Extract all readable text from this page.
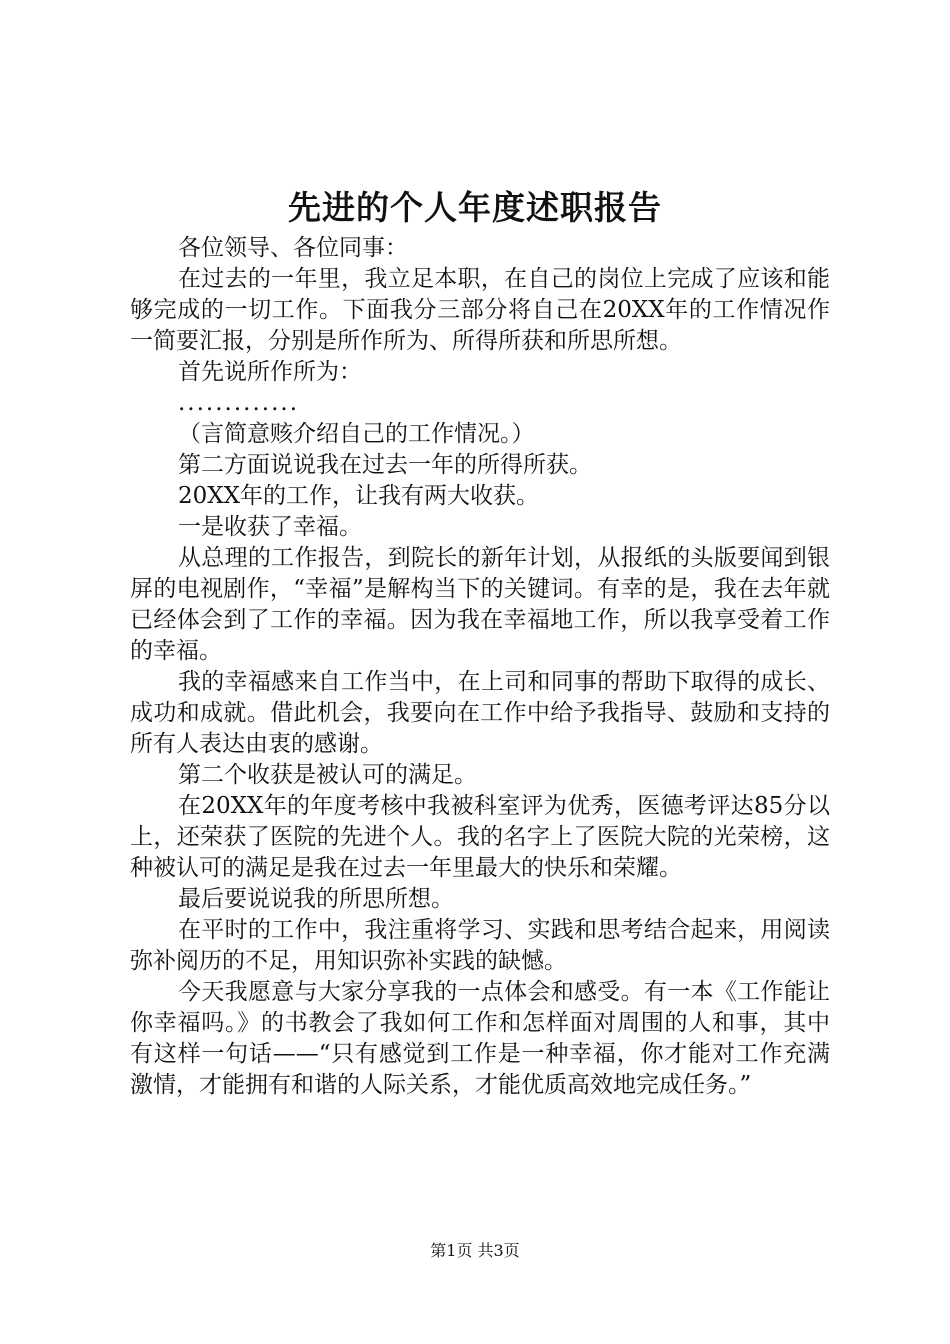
先进的个人年度述职报告

各位领导、各位同事：

在过去的一年里，我立足本职，在自己的岗位上完成了应该和能够完成的一切工作。下面我分三部分将自己在20XX年的工作情况作一简要汇报，分别是所作所为、所得所获和所思所想。

首先说所作所为：

.............

（言简意赅介绍自己的工作情况。）

第二方面说说我在过去一年的所得所获。

20XX年的工作，让我有两大收获。

一是收获了幸福。

从总理的工作报告，到院长的新年计划，从报纸的头版要闻到银屏的电视剧作，“幸福”是解构当下的关键词。有幸的是，我在去年就已经体会到了工作的幸福。因为我在幸福地工作，所以我享受着工作的幸福。

我的幸福感来自工作当中，在上司和同事的帮助下取得的成长、成功和成就。借此机会，我要向在工作中给予我指导、鼓励和支持的所有人表达由衷的感谢。

第二个收获是被认可的满足。

在20XX年的年度考核中我被科室评为优秀，医德考评达85分以上，还荣获了医院的先进个人。我的名字上了医院大院的光荣榜，这种被认可的满足是我在过去一年里最大的快乐和荣耀。

最后要说说我的所思所想。

在平时的工作中，我注重将学习、实践和思考结合起来，用阅读弥补阅历的不足，用知识弥补实践的缺憾。

今天我愿意与大家分享我的一点体会和感受。有一本《工作能让你幸福吗。》的书教会了我如何工作和怎样面对周围的人和事，其中有这样一句话——“只有感觉到工作是一种幸福，你才能对工作充满激情，才能拥有和谐的人际关系，才能优质高效地完成任务。”

第1页 共3页
